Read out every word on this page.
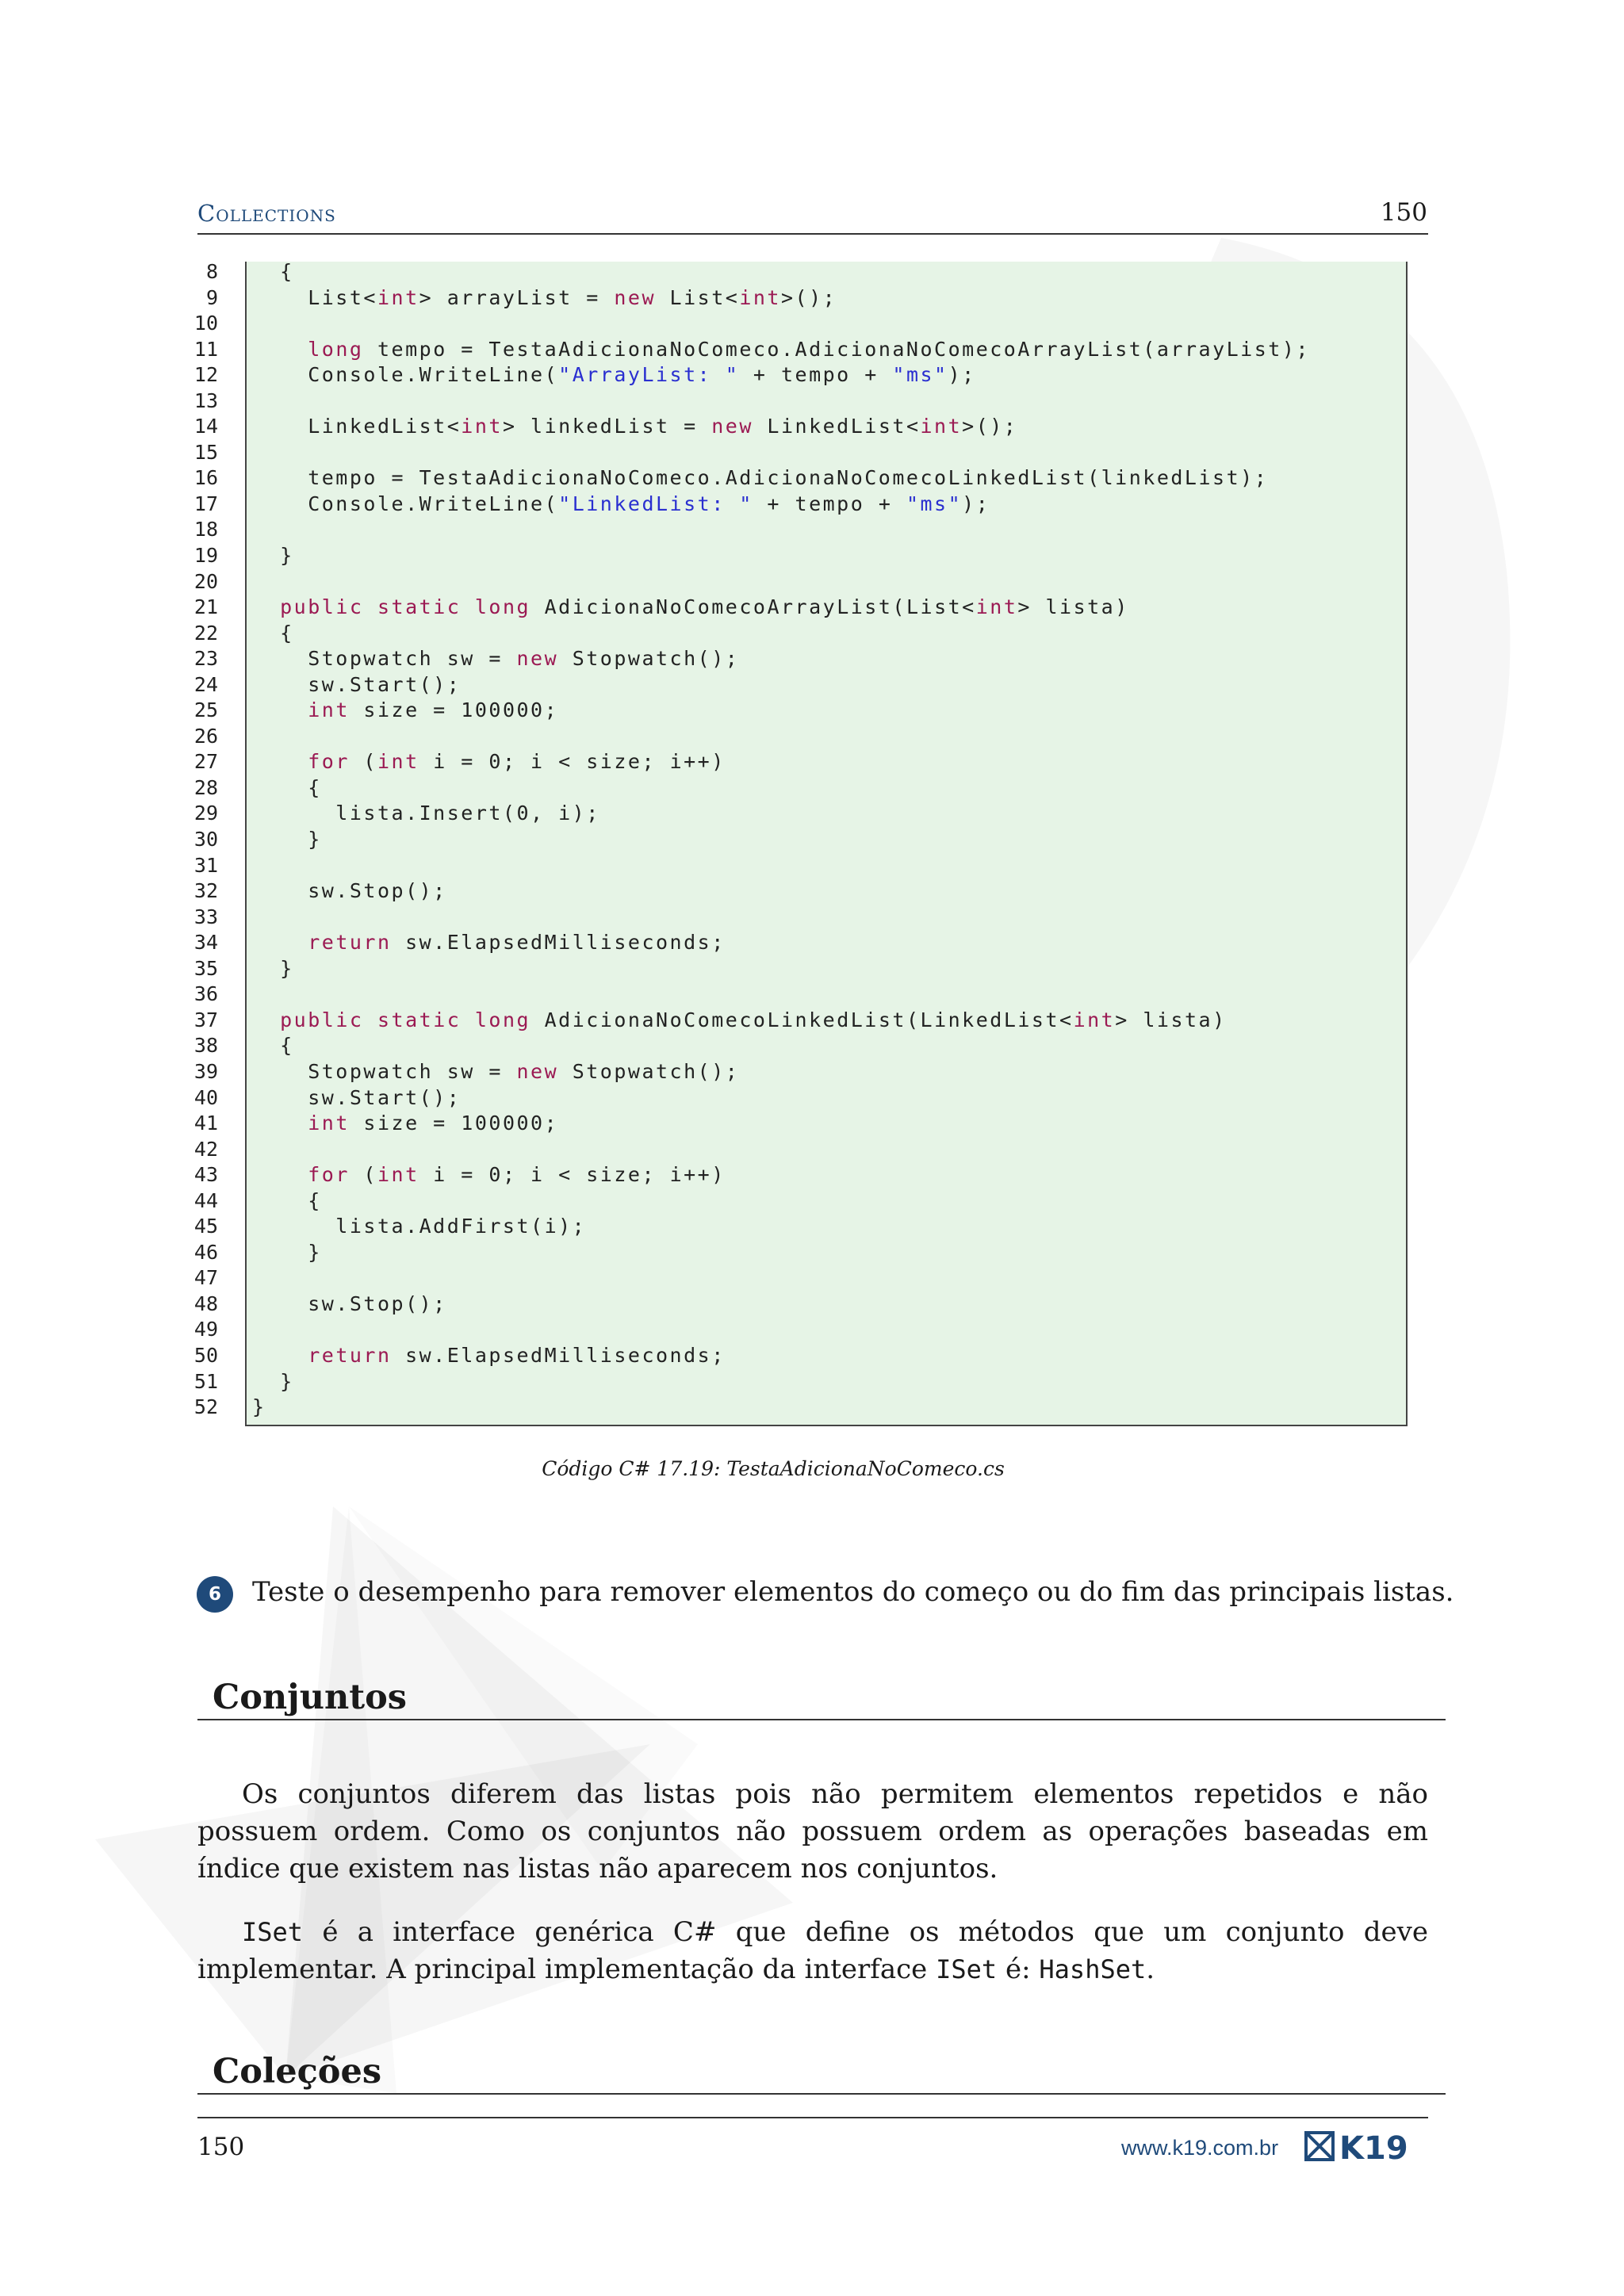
Collections	150
8 {
9 List<int> arrayList = new List<int>();
10
11	long tempo = TestaAdicionaNoComeco.AdicionaNoComecoArrayList(arrayList);
12 Console.WriteLine("ArrayList: " + tempo + "ms");
13
14 LinkedList<int> linkedList = new LinkedList<int>();
15
16 tempo = TestaAdicionaNoComeco.AdicionaNoComecoLinkedList(linkedList);
17 Console.WriteLine("LinkedList: " + tempo + "ms");
18
19 }
20
21	public static long AdicionaNoComecoArrayList(List<int> lista)
22 {
23 Stopwatch sw = new Stopwatch();
24 sw.Start();
25	int size = 100000;
26
27	for (int i = 0; i < size; i++)
28 {
29 lista.Insert(0, i);
30 }
31
32 sw.Stop();
33
34	return sw.ElapsedMilliseconds;
35 }
36
37	public static long AdicionaNoComecoLinkedList(LinkedList<int> lista)
38 {
39 Stopwatch sw = new Stopwatch();
40 sw.Start();
41	int size = 100000;
42
43	for (int i = 0; i < size; i++)
44 {
45 lista.AddFirst(i);
46 }
47
48 sw.Stop();
49
50	return sw.ElapsedMilliseconds;
51 }
52 }
Código C# 17.19: TestaAdicionaNoComeco.cs
6	Teste o desempenho para remover elementos do começo ou do fim das principais listas.
Conjuntos
Os conjuntos diferem das listas pois não permitem elementos repetidos e não possuem ordem. Como os conjuntos não possuem ordem as operações baseadas em índice que existem nas listas não aparecem nos conjuntos.
ISet é a interface genérica C# que define os métodos que um conjunto deve implementar. A principal implementação da interface ISet é: HashSet.
Coleções
150	www.k19.com.br K19
